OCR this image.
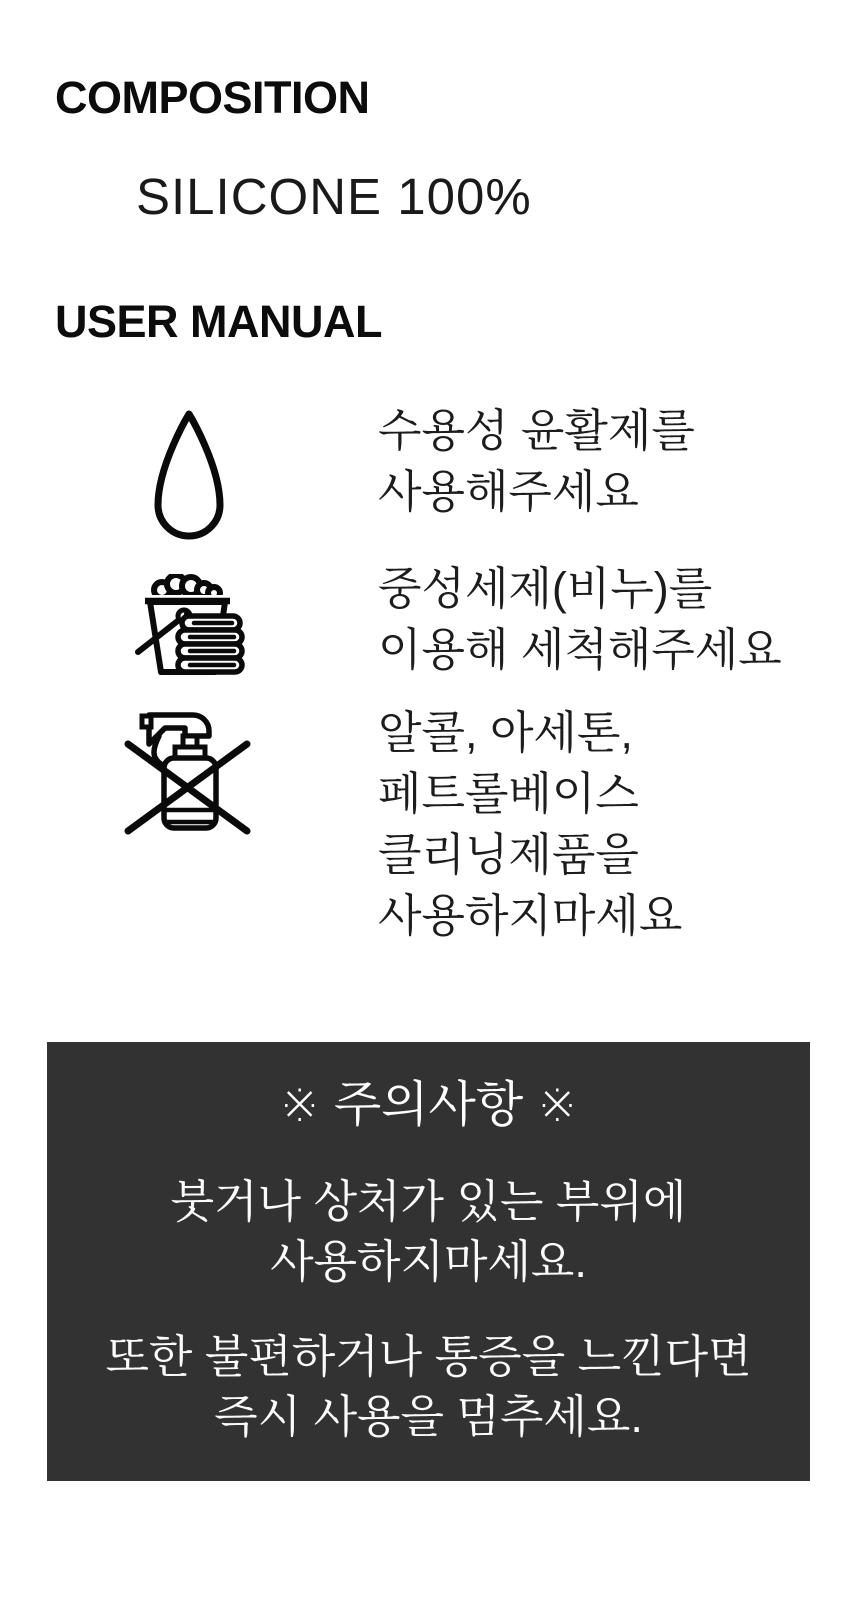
COMPOSITION
SILICONE 100%
USER MANUAL
수용성 윤활제를
사용해주세요
중성세제(비누)를
이용해 세척해주세요
알콜, 아세톤,
페트롤베이스
클리닝제품을
사용하지마세요
※ 주의사항 ※
붓거나 상처가 있는 부위에
사용하지마세요.
또한 불편하거나 통증을 느낀다면
즉시 사용을 멈추세요.
